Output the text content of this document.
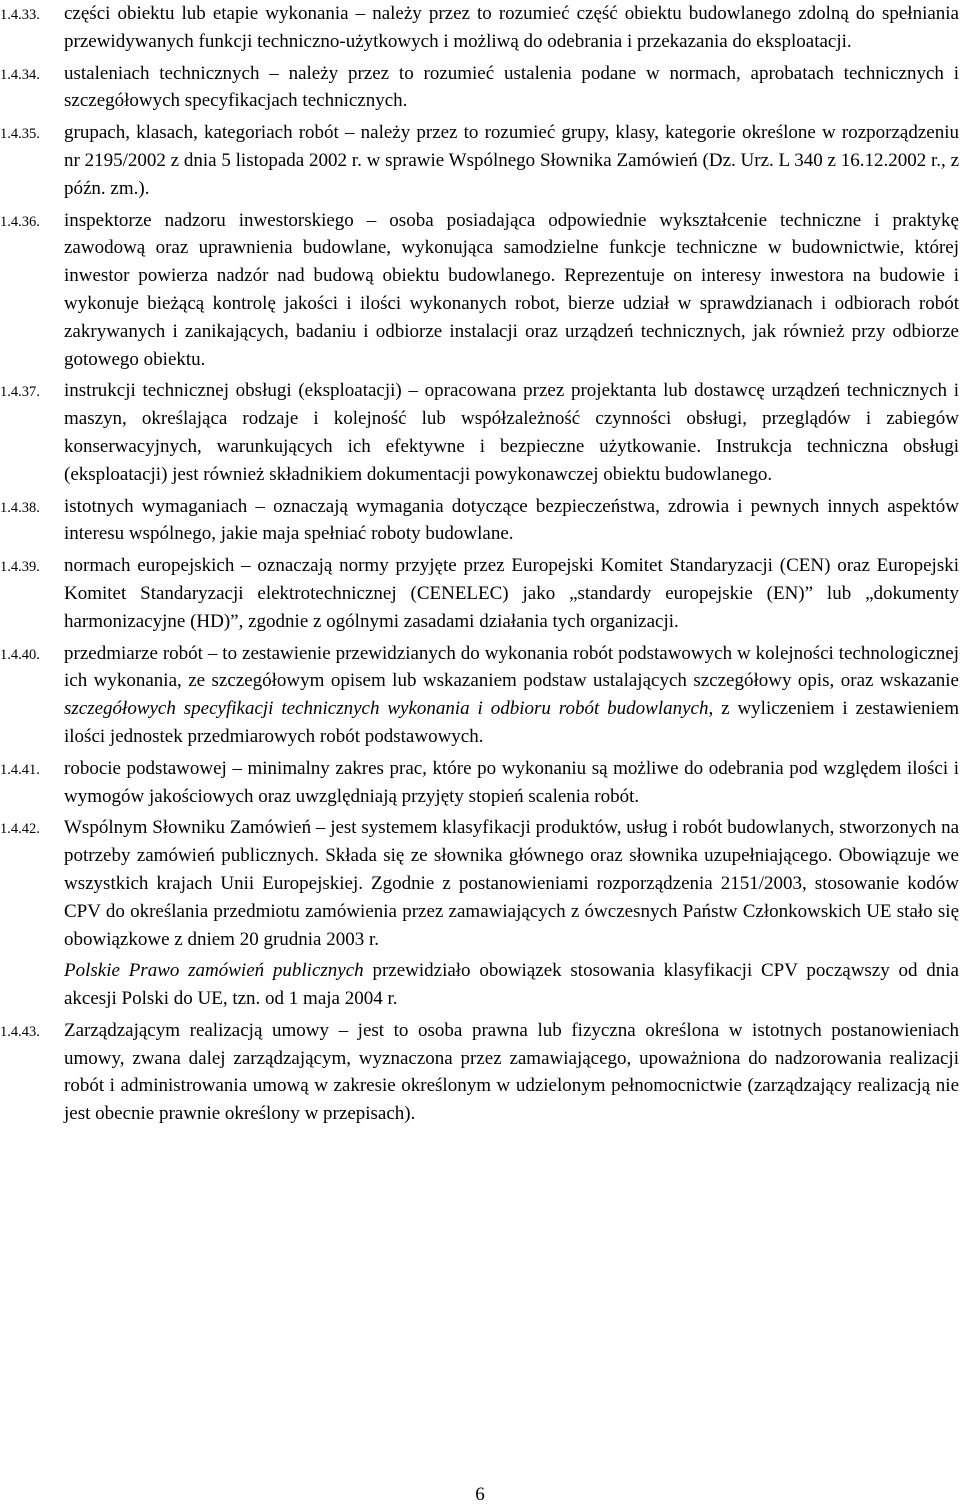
1.4.33.	części obiektu lub etapie wykonania – należy przez to rozumieć część obiektu budowlanego zdolną do spełniania przewidywanych funkcji techniczno-użytkowych i możliwą do odebrania i przekazania do eksploatacji.
1.4.34.	ustaleniach technicznych – należy przez to rozumieć ustalenia podane w normach, aprobatach technicznych i szczegółowych specyfikacjach technicznych.
1.4.35.	grupach, klasach, kategoriach robót – należy przez to rozumieć grupy, klasy, kategorie określone w rozporządzeniu nr 2195/2002 z dnia 5 listopada 2002 r. w sprawie Wspólnego Słownika Zamówień (Dz. Urz. L 340 z 16.12.2002 r., z późn. zm.).
1.4.36.	inspektorze nadzoru inwestorskiego – osoba posiadająca odpowiednie wykształcenie techniczne i praktykę zawodową oraz uprawnienia budowlane, wykonująca samodzielne funkcje techniczne w budownictwie, której inwestor powierza nadzór nad budową obiektu budowlanego. Reprezentuje on interesy inwestora na budowie i wykonuje bieżącą kontrolę jakości i ilości wykonanych robot, bierze udział w sprawdzianach i odbiorach robót zakrywanych i zanikających, badaniu i odbiorze instalacji oraz urządzeń technicznych, jak również przy odbiorze gotowego obiektu.
1.4.37.	instrukcji technicznej obsługi (eksploatacji) – opracowana przez projektanta lub dostawcę urządzeń technicznych i maszyn, określająca rodzaje i kolejność lub współzależność czynności obsługi, przeglądów i zabiegów konserwacyjnych, warunkujących ich efektywne i bezpieczne użytkowanie. Instrukcja techniczna obsługi (eksploatacji) jest również składnikiem dokumentacji powykonawczej obiektu budowlanego.
1.4.38.	istotnych wymaganiach – oznaczają wymagania dotyczące bezpieczeństwa, zdrowia i pewnych innych aspektów interesu wspólnego, jakie maja spełniać roboty budowlane.
1.4.39.	normach europejskich – oznaczają normy przyjęte przez Europejski Komitet Standaryzacji (CEN) oraz Europejski Komitet Standaryzacji elektrotechnicznej (CENELEC) jako „standardy europejskie (EN)” lub „dokumenty harmonizacyjne (HD)”, zgodnie z ogólnymi zasadami działania tych organizacji.
1.4.40.	przedmiarze robót – to zestawienie przewidzianych do wykonania robót podstawowych w kolejności technologicznej ich wykonania, ze szczegółowym opisem lub wskazaniem podstaw ustalających szczegółowy opis, oraz wskazanie szczegółowych specyfikacji technicznych wykonania i odbioru robót budowlanych, z wyliczeniem i zestawieniem ilości jednostek przedmiarowych robót podstawowych.
1.4.41.	robocie podstawowej – minimalny zakres prac, które po wykonaniu są możliwe do odebrania pod względem ilości i wymogów jakościowych oraz uwzględniają przyjęty stopień scalenia robót.
1.4.42.	Wspólnym Słowniku Zamówień – jest systemem klasyfikacji produktów, usług i robót budowlanych, stworzonych na potrzeby zamówień publicznych. Składa się ze słownika głównego oraz słownika uzupełniającego. Obowiązuje we wszystkich krajach Unii Europejskiej. Zgodnie z postanowieniami rozporządzenia 2151/2003, stosowanie kodów CPV do określania przedmiotu zamówienia przez zamawiających z ówczesnych Państw Członkowskich UE stało się obowiązkowe z dniem 20 grudnia 2003 r.
Polskie Prawo zamówień publicznych przewidziało obowiązek stosowania klasyfikacji CPV począwszy od dnia akcesji Polski do UE, tzn. od 1 maja 2004 r.
1.4.43.	Zarządzającym realizacją umowy – jest to osoba prawna lub fizyczna określona w istotnych postanowieniach umowy, zwana dalej zarządzającym, wyznaczona przez zamawiającego, upoważniona do nadzorowania realizacji robót i administrowania umową w zakresie określonym w udzielonym pełnomocnictwie (zarządzający realizacją nie jest obecnie prawnie określony w przepisach).
6
